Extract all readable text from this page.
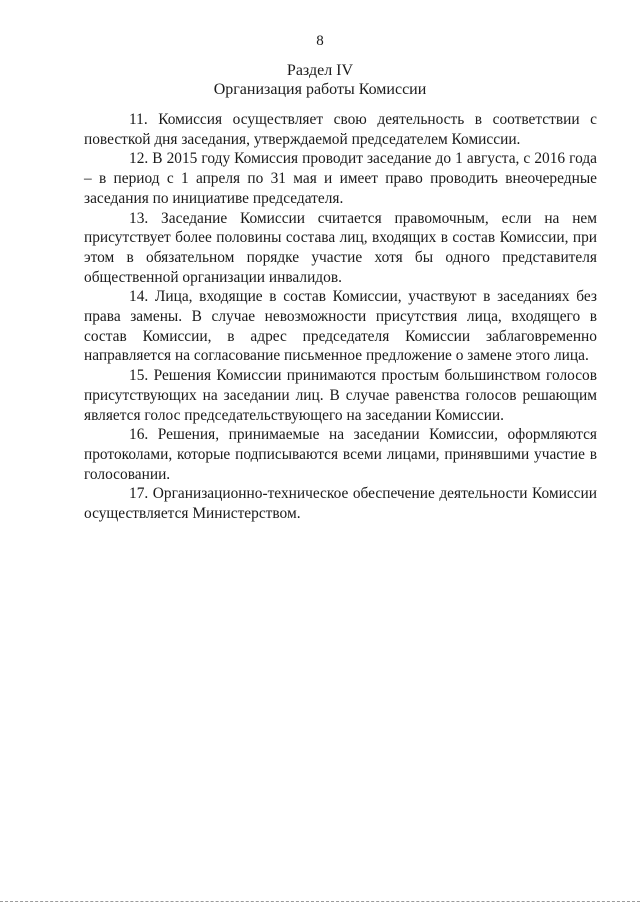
8
Раздел IV
Организация работы Комиссии

11. Комиссия осуществляет свою деятельность в соответствии с повесткой дня заседания, утверждаемой председателем Комиссии.

12. В 2015 году Комиссия проводит заседание до 1 августа, с 2016 года – в период с 1 апреля по 31 мая и имеет право проводить внеочередные заседания по инициативе председателя.

13. Заседание Комиссии считается правомочным, если на нем присутствует более половины состава лиц, входящих в состав Комиссии, при этом в обязательном порядке участие хотя бы одного представителя общественной организации инвалидов.

14. Лица, входящие в состав Комиссии, участвуют в заседаниях без права замены. В случае невозможности присутствия лица, входящего в состав Комиссии, в адрес председателя Комиссии заблаговременно направляется на согласование письменное предложение о замене этого лица.

15. Решения Комиссии принимаются простым большинством голосов присутствующих на заседании лиц. В случае равенства голосов решающим является голос председательствующего на заседании Комиссии.

16. Решения, принимаемые на заседании Комиссии, оформляются протоколами, которые подписываются всеми лицами, принявшими участие в голосовании.

17. Организационно-техническое обеспечение деятельности Комиссии осуществляется Министерством.
